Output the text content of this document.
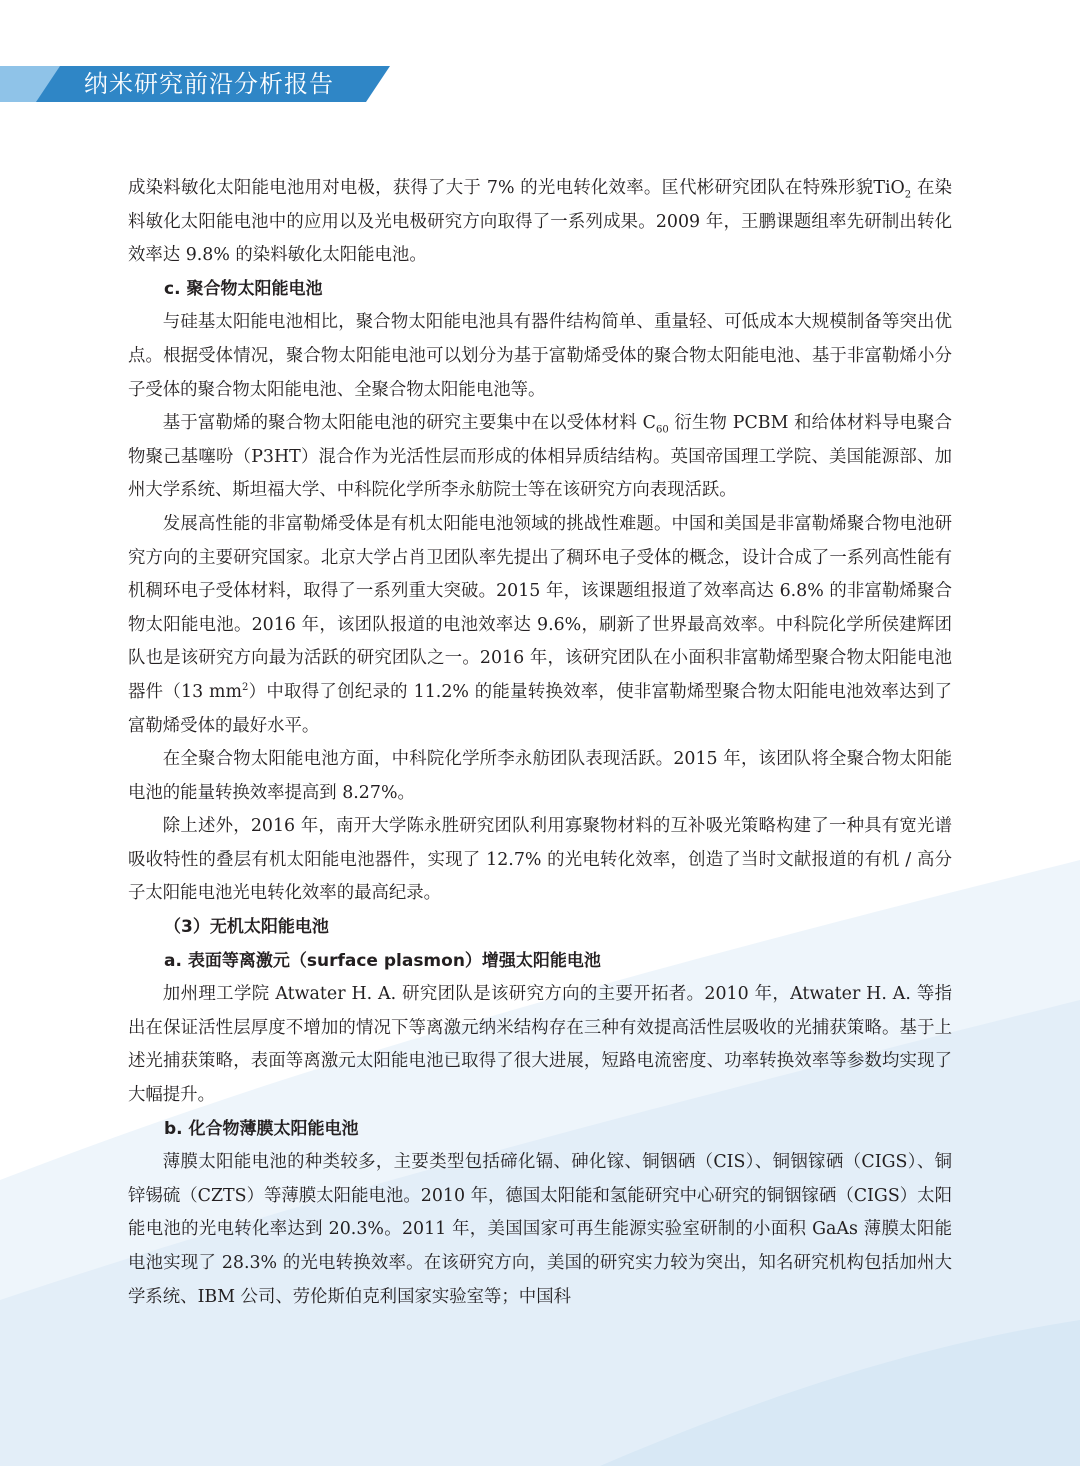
纳米研究前沿分析报告

成染料敏化太阳能电池用对电极，获得了大于 7% 的光电转化效率。匡代彬研究团队在特殊形貌TiO$_2$ 在染料敏化太阳能电池中的应用以及光电极研究方向取得了一系列成果。2009 年，王鹏课题组率先研制出转化效率达 9.8% 的染料敏化太阳能电池。

c. 聚合物太阳能电池

与硅基太阳能电池相比，聚合物太阳能电池具有器件结构简单、重量轻、可低成本大规模制备等突出优点。根据受体情况，聚合物太阳能电池可以划分为基于富勒烯受体的聚合物太阳能电池、基于非富勒烯小分子受体的聚合物太阳能电池、全聚合物太阳能电池等。

基于富勒烯的聚合物太阳能电池的研究主要集中在以受体材料 $C_{60}$ 衍生物 PCBM 和给体材料导电聚合物聚己基噻吩（P3HT）混合作为光活性层而形成的体相异质结结构。英国帝国理工学院、美国能源部、加州大学系统、斯坦福大学、中科院化学所李永舫院士等在该研究方向表现活跃。

发展高性能的非富勒烯受体是有机太阳能电池领域的挑战性难题。中国和美国是非富勒烯聚合物电池研究方向的主要研究国家。北京大学占肖卫团队率先提出了稠环电子受体的概念，设计合成了一系列高性能有机稠环电子受体材料，取得了一系列重大突破。2015 年，该课题组报道了效率高达 6.8% 的非富勒烯聚合物太阳能电池。2016 年，该团队报道的电池效率达 9.6%，刷新了世界最高效率。中科院化学所侯建辉团队也是该研究方向最为活跃的研究团队之一。2016 年，该研究团队在小面积非富勒烯型聚合物太阳能电池器件（13 $mm^2$）中取得了创纪录的 11.2% 的能量转换效率，使非富勒烯型聚合物太阳能电池效率达到了富勒烯受体的最好水平。

在全聚合物太阳能电池方面，中科院化学所李永舫团队表现活跃。2015 年，该团队将全聚合物太阳能电池的能量转换效率提高到 8.27%。

除上述外，2016 年，南开大学陈永胜研究团队利用寡聚物材料的互补吸光策略构建了一种具有宽光谱吸收特性的叠层有机太阳能电池器件，实现了 12.7% 的光电转化效率，创造了当时文献报道的有机 / 高分子太阳能电池光电转化效率的最高纪录。

（3）无机太阳能电池

a. 表面等离激元（surface plasmon）增强太阳能电池

加州理工学院 Atwater H. A. 研究团队是该研究方向的主要开拓者。2010 年，Atwater H. A. 等指出在保证活性层厚度不增加的情况下等离激元纳米结构存在三种有效提高活性层吸收的光捕获策略。基于上述光捕获策略，表面等离激元太阳能电池已取得了很大进展，短路电流密度、功率转换效率等参数均实现了大幅提升。

b. 化合物薄膜太阳能电池

薄膜太阳能电池的种类较多，主要类型包括碲化镉、砷化镓、铜铟硒（CIS）、铜铟镓硒（CIGS）、铜锌锡硫（CZTS）等薄膜太阳能电池。2010 年，德国太阳能和氢能研究中心研究的铜铟镓硒（CIGS）太阳能电池的光电转化率达到 20.3%。2011 年，美国国家可再生能源实验室研制的小面积 GaAs 薄膜太阳能电池实现了 28.3% 的光电转换效率。在该研究方向，美国的研究实力较为突出，知名研究机构包括加州大学系统、IBM 公司、劳伦斯伯克利国家实验室等；中国科
